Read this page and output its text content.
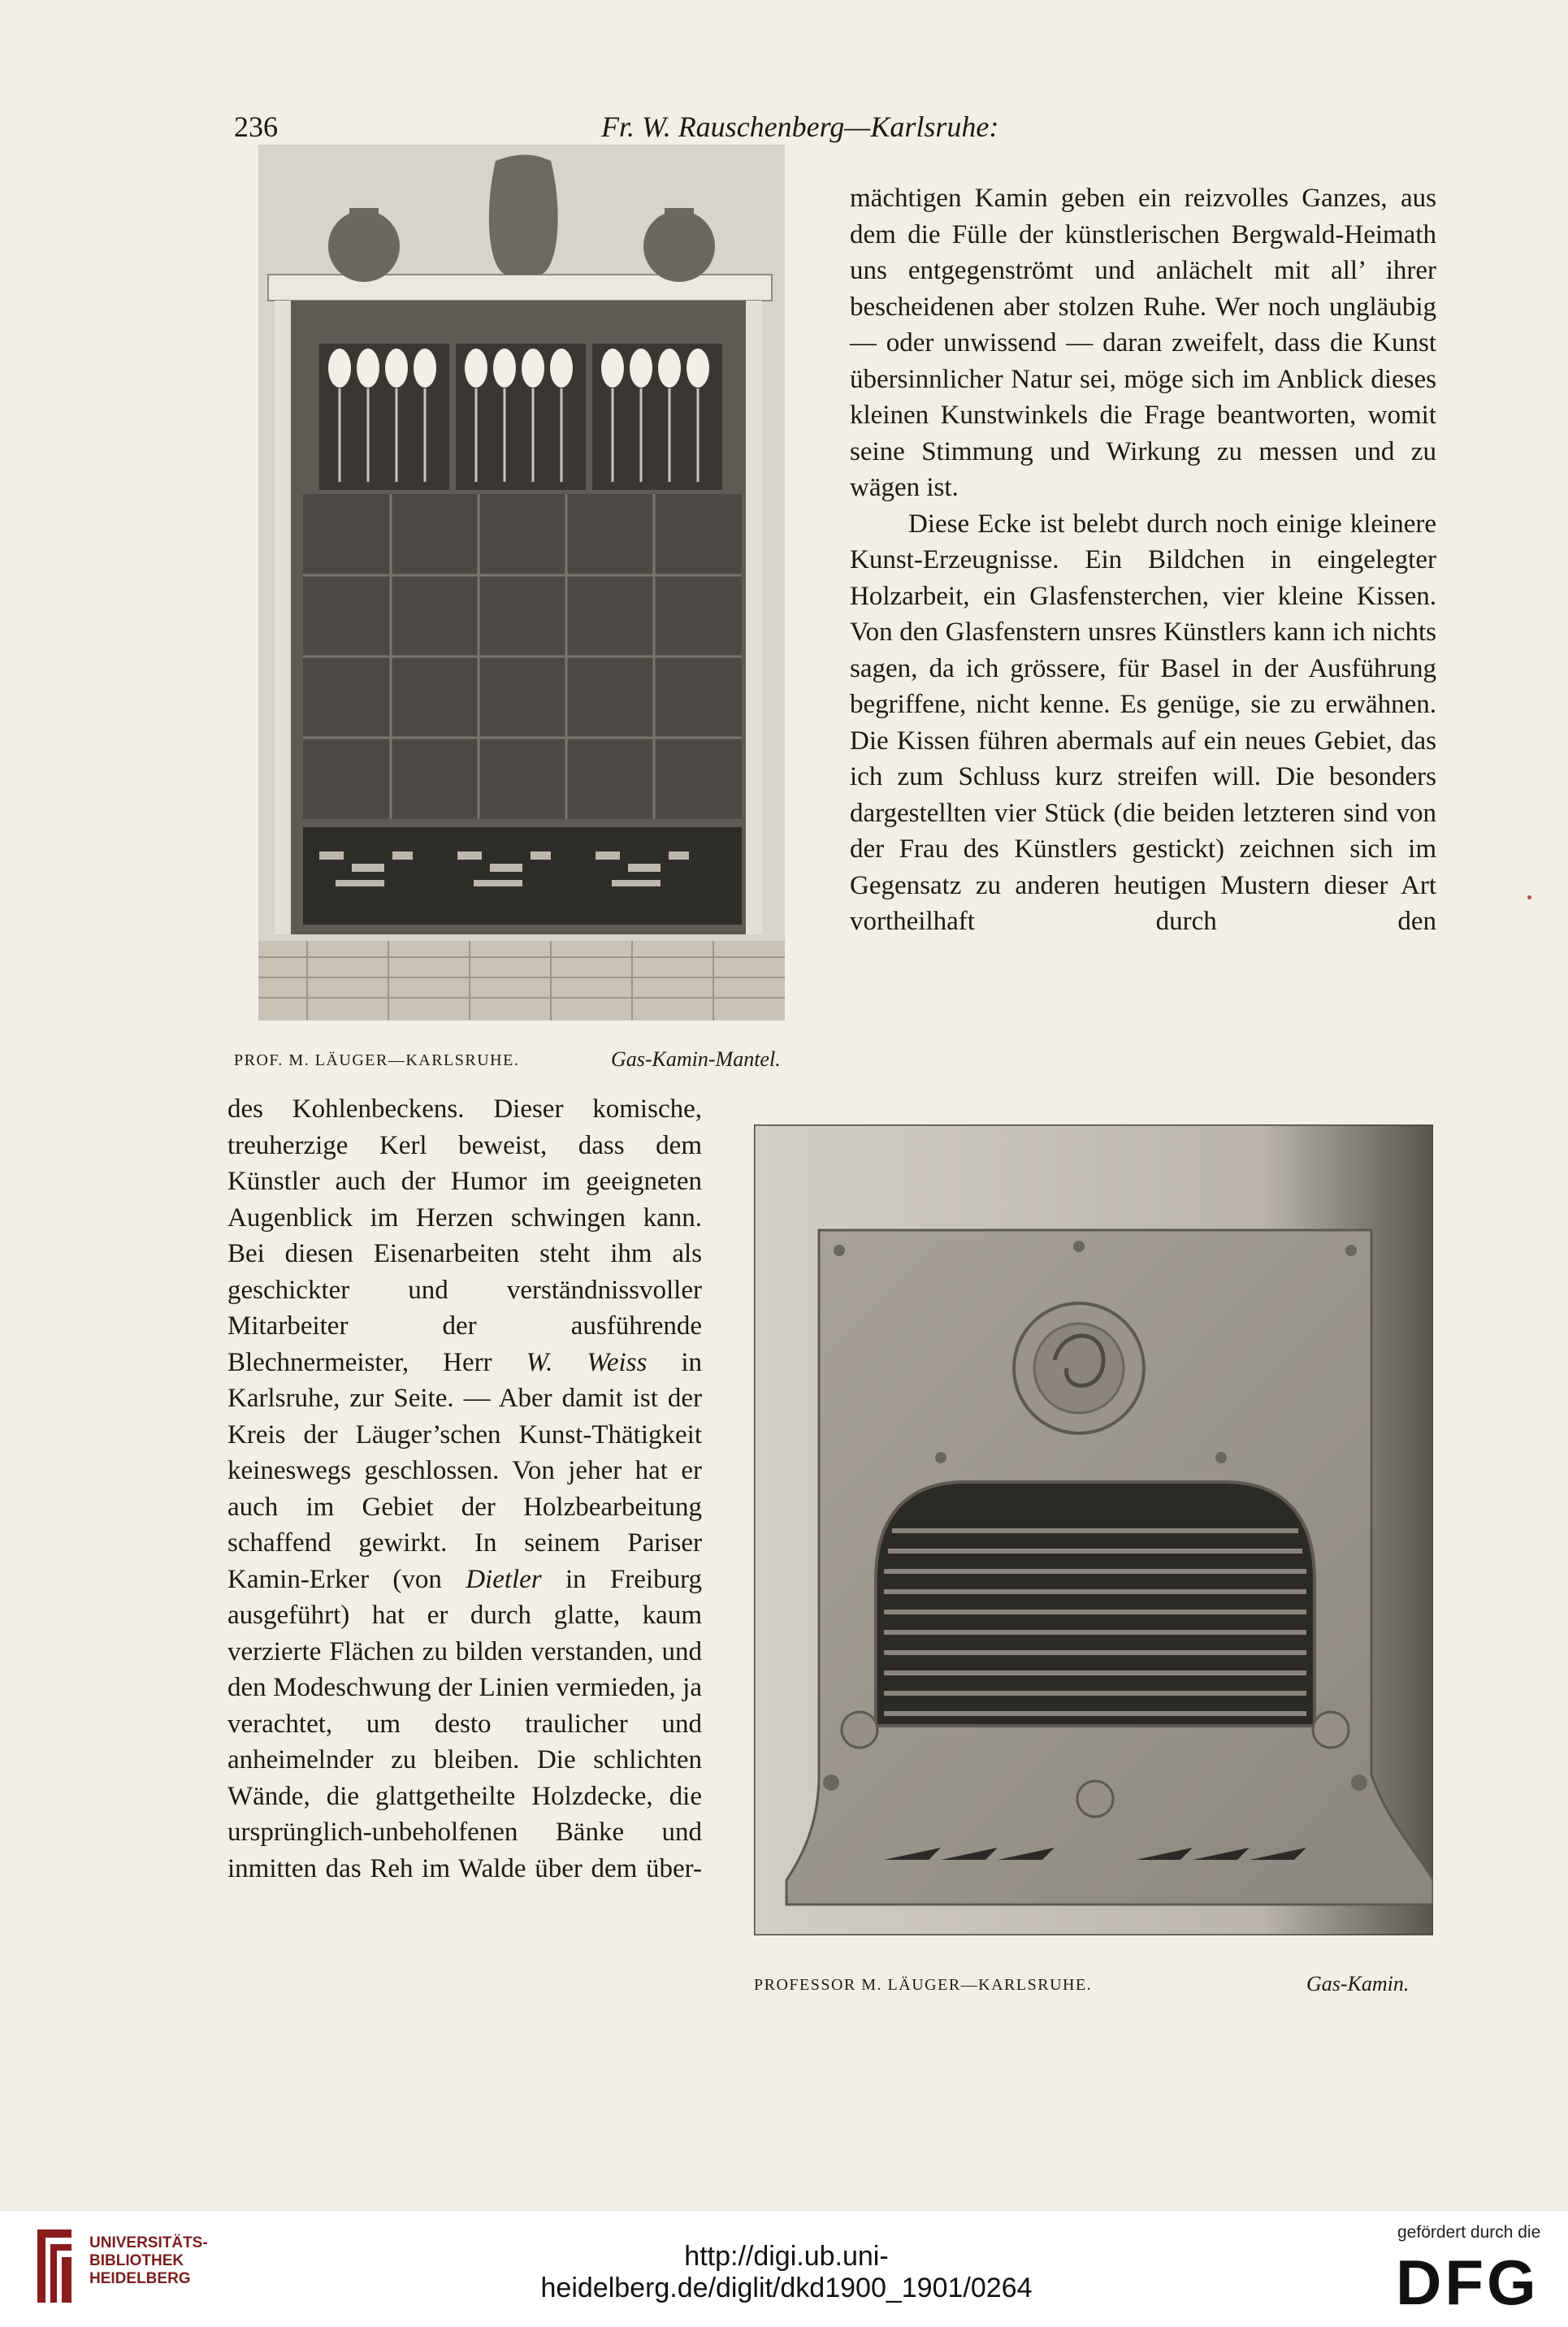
236	Fr. W. Rauschenberg—Karlsruhe:
PROF. M. LÄUGER—KARLSRUHE.	Gas-Kamin-Mantel.

mächtigen Kamin geben ein reizvolles Ganzes, aus dem die Fülle der künstlerischen Bergwald-Heimath uns entgegenströmt und anlächelt mit all’ ihrer bescheidenen aber stolzen Ruhe. Wer noch ungläubig — oder unwissend — daran zweifelt, dass die Kunst übersinnlicher Natur sei, möge sich im Anblick dieses kleinen Kunstwinkels die Frage beantworten, womit seine Stimmung und Wirkung zu messen und zu wägen ist.

Diese Ecke ist belebt durch noch einige kleinere Kunst-Erzeugnisse. Ein Bildchen in eingelegter Holzarbeit, ein Glasfensterchen, vier kleine Kissen. Von den Glasfenstern unsres Künstlers kann ich nichts sagen, da ich grössere, für Basel in der Ausführung begriffene, nicht kenne. Es genüge, sie zu erwähnen. Die Kissen führen abermals auf ein neues Gebiet, das ich zum Schluss kurz streifen will. Die besonders dargestellten vier Stück (die beiden letzteren sind von der Frau des Künstlers gestickt) zeichnen sich im Gegensatz zu anderen heutigen Mustern dieser Art vortheilhaft durch den

des Kohlenbeckens. Dieser komische, treuherzige Kerl beweist, dass dem Künstler auch der Humor im geeigneten Augenblick im Herzen schwingen kann. Bei diesen Eisenarbeiten steht ihm als geschickter und verständnissvoller Mitarbeiter der ausführende Blechnermeister, Herr W. Weiss in Karlsruhe, zur Seite. — Aber damit ist der Kreis der Läuger’schen Kunst-Thätigkeit keineswegs geschlossen. Von jeher hat er auch im Gebiet der Holzbearbeitung schaffend gewirkt. In seinem Pariser Kamin-Erker (von Dietler in Freiburg ausgeführt) hat er durch glatte, kaum verzierte Flächen zu bilden verstanden, und den Modeschwung der Linien vermieden, ja verachtet, um desto traulicher und anheimelnder zu bleiben. Die schlichten Wände, die glattgetheilte Holzdecke, die ursprünglich-unbeholfenen Bänke und inmitten das Reh im Walde über dem über-

PROFESSOR M. LÄUGER—KARLSRUHE.	Gas-Kamin.
UNIVERSITÄTS-
BIBLIOTHEK
HEIDELBERG
http://digi.ub.uni-heidelberg.de/diglit/dkd1900_1901/0264
gefördert durch die
DFG
